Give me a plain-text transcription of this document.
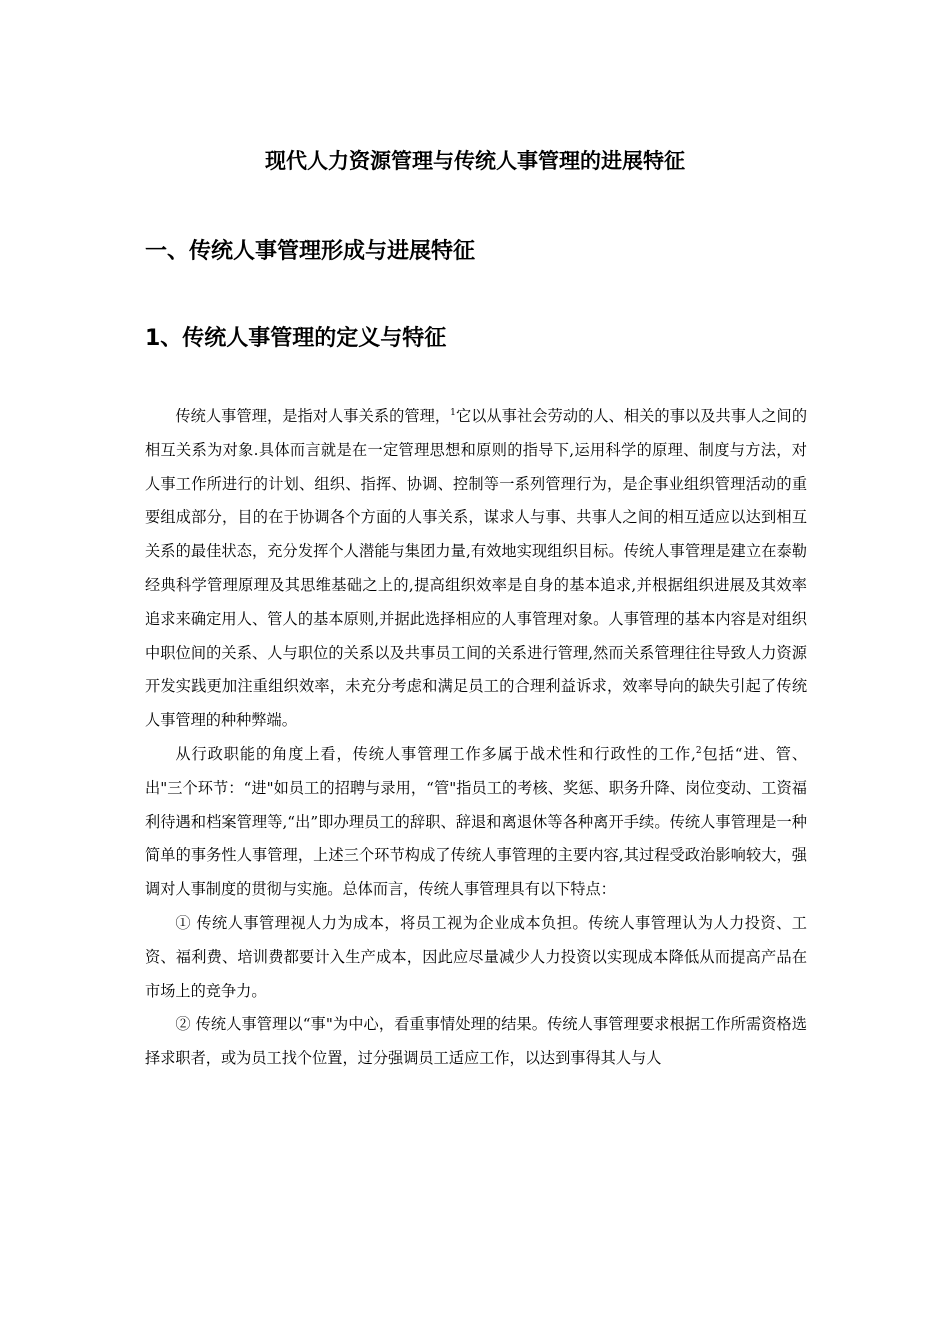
现代人力资源管理与传统人事管理的进展特征
一、传统人事管理形成与进展特征
1、传统人事管理的定义与特征

传统人事管理，是指对人事关系的管理，$^1$它以从事社会劳动的人、相关的事以及共事人之间的相互关系为对象.具体而言就是在一定管理思想和原则的指导下,运用科学的原理、制度与方法，对人事工作所进行的计划、组织、指挥、协调、控制等一系列管理行为，是企事业组织管理活动的重要组成部分，目的在于协调各个方面的人事关系，谋求人与事、共事人之间的相互适应以达到相互关系的最佳状态，充分发挥个人潜能与集团力量,有效地实现组织目标。传统人事管理是建立在泰勒经典科学管理原理及其思维基础之上的,提高组织效率是自身的基本追求,并根据组织进展及其效率追求来确定用人、管人的基本原则,并据此选择相应的人事管理对象。人事管理的基本内容是对组织中职位间的关系、人与职位的关系以及共事员工间的关系进行管理,然而关系管理往往导致人力资源开发实践更加注重组织效率，未充分考虑和满足员工的合理利益诉求，效率导向的缺失引起了传统人事管理的种种弊端。

从行政职能的角度上看，传统人事管理工作多属于战术性和行政性的工作,$^2$包括“进、管、出"三个环节：“进"如员工的招聘与录用，“管"指员工的考核、奖惩、职务升降、岗位变动、工资福利待遇和档案管理等,“出”即办理员工的辞职、辞退和离退休等各种离开手续。传统人事管理是一种简单的事务性人事管理，上述三个环节构成了传统人事管理的主要内容,其过程受政治影响较大，强调对人事制度的贯彻与实施。总体而言，传统人事管理具有以下特点：

① 传统人事管理视人力为成本，将员工视为企业成本负担。传统人事管理认为人力投资、工资、福利费、培训费都要计入生产成本，因此应尽量减少人力投资以实现成本降低从而提高产品在市场上的竞争力。

② 传统人事管理以“事"为中心，看重事情处理的结果。传统人事管理要求根据工作所需资格选择求职者，或为员工找个位置，过分强调员工适应工作，以达到事得其人与人
